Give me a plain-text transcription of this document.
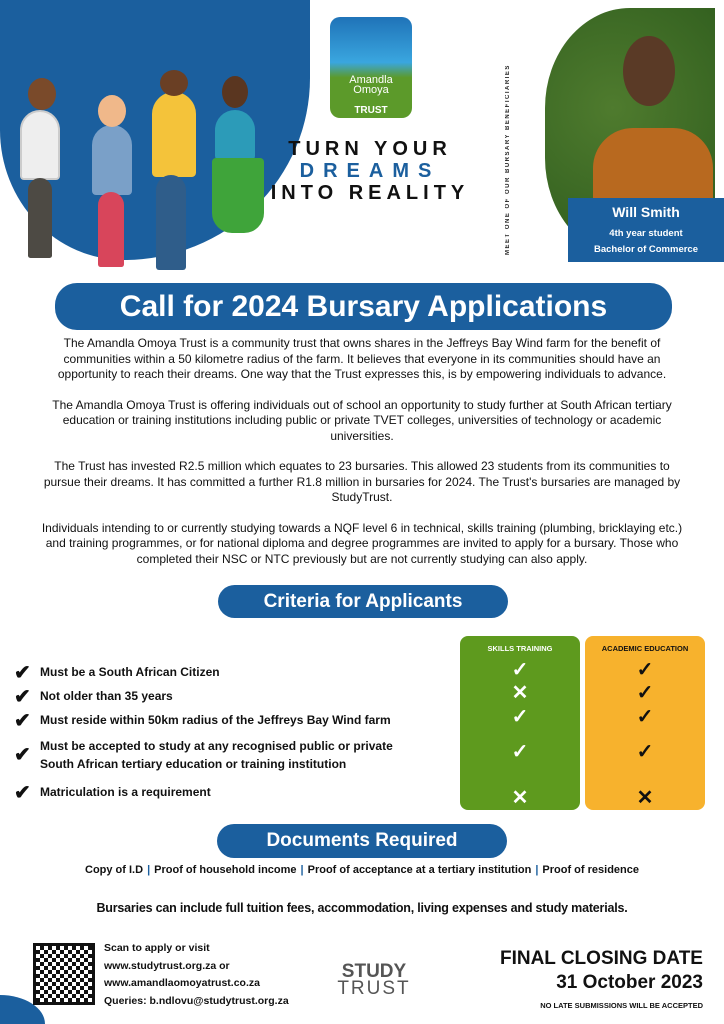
Amandla
Omoya
TRUST
TURN YOUR
DREAMS
INTO REALITY	MEET ONE OF OUR BURSARY BENEFICIARIES	Will Smith
4th year student
Bachelor of Commerce
Call for 2024 Bursary Applications

The Amandla Omoya Trust is a community trust that owns shares in the Jeffreys Bay Wind farm for the benefit of communities within a 50 kilometre radius of the farm. It believes that everyone in its communities should have an opportunity to reach their dreams. One way that the Trust expresses this, is by empowering individuals to advance.

The Amandla Omoya Trust is offering individuals out of school an opportunity to study further at South African tertiary education or training institutions including public or private TVET colleges, universities of technology or academic universities.

The Trust has invested R2.5 million which equates to 23 bursaries. This allowed 23 students from its communities to pursue their dreams. It has committed a further R1.8 million in bursaries for 2024. The Trust's bursaries are managed by StudyTrust.

Individuals intending to or currently studying towards a NQF level 6 in technical, skills training (plumbing, bricklaying etc.) and training programmes, or for national diploma and degree programmes are invited to apply for a bursary. Those who completed their NSC or NTC previously but are not currently studying can also apply.

Criteria for Applicants
✔ Must be a South African Citizen
✔ Not older than 35 years
✔ Must reside within 50km radius of the Jeffreys Bay Wind farm
✔ Must be accepted to study at any recognised public or private South African tertiary education or training institution
✔ Matriculation is a requirement
SKILLS TRAINING
✓
✕
✓
✓
✕
ACADEMIC EDUCATION
✓
✓
✓
✓
✕
Documents Required
Copy of I.D | Proof of household income | Proof of acceptance at a tertiary institution | Proof of residence
Bursaries can include full tuition fees, accommodation, living expenses and study materials.
Scan to apply or visit
www.studytrust.org.za or
www.amandlaomoyatrust.co.za
Queries: b.ndlovu@studytrust.org.za
STUDY
TRUST
FINAL CLOSING DATE
31 October 2023
NO LATE SUBMISSIONS WILL BE ACCEPTED
